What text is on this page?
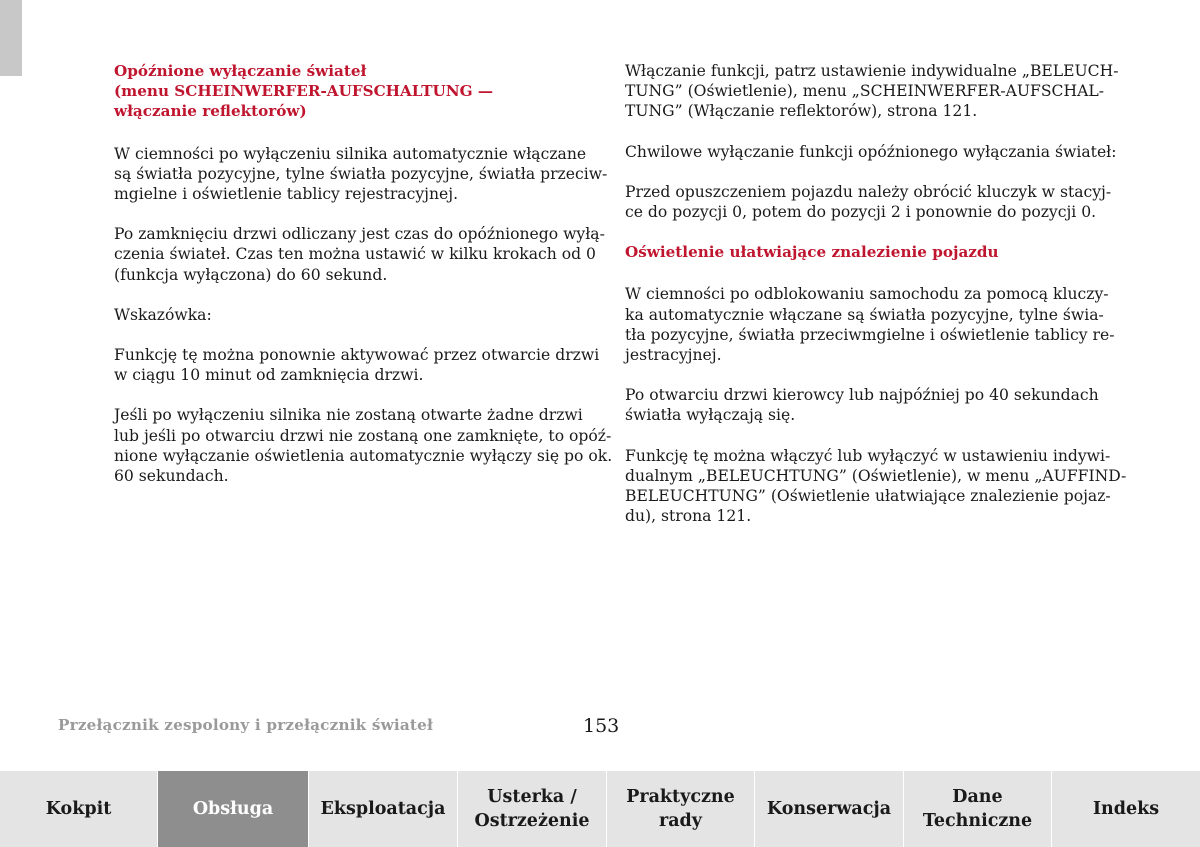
Opóźnione wyłączanie świateł
(menu SCHEINWERFER-AUFSCHALTUNG —
włączanie reflektorów)

W ciemności po wyłączeniu silnika automatycznie włączane
są światła pozycyjne, tylne światła pozycyjne, światła przeciw-
mgielne i oświetlenie tablicy rejestracyjnej.

Po zamknięciu drzwi odliczany jest czas do opóźnionego wyłą-
czenia świateł. Czas ten można ustawić w kilku krokach od 0
(funkcja wyłączona) do 60 sekund.

Wskazówka:

Funkcję tę można ponownie aktywować przez otwarcie drzwi
w ciągu 10 minut od zamknięcia drzwi.

Jeśli po wyłączeniu silnika nie zostaną otwarte żadne drzwi
lub jeśli po otwarciu drzwi nie zostaną one zamknięte, to opóź-
nione wyłączanie oświetlenia automatycznie wyłączy się po ok.
60 sekundach.

Włączanie funkcji, patrz ustawienie indywidualne „BELEUCH-
TUNG” (Oświetlenie), menu „SCHEINWERFER-AUFSCHAL-
TUNG” (Włączanie reflektorów), strona 121.

Chwilowe wyłączanie funkcji opóźnionego wyłączania świateł:

Przed opuszczeniem pojazdu należy obrócić kluczyk w stacyj-
ce do pozycji 0, potem do pozycji 2 i ponownie do pozycji 0.

Oświetlenie ułatwiające znalezienie pojazdu

W ciemności po odblokowaniu samochodu za pomocą kluczy-
ka automatycznie włączane są światła pozycyjne, tylne świa-
tła pozycyjne, światła przeciwmgielne i oświetlenie tablicy re-
jestracyjnej.

Po otwarciu drzwi kierowcy lub najpóźniej po 40 sekundach
światła wyłączają się.

Funkcję tę można włączyć lub wyłączyć w ustawieniu indywi-
dualnym „BELEUCHTUNG” (Oświetlenie), w menu „AUFFIND-
BELEUCHTUNG” (Oświetlenie ułatwiające znalezienie pojaz-
du), strona 121.

Przełącznik zespolony i przełącznik świateł	153
Kokpit	Obsługa	Eksploatacja
Usterka /
Ostrzeżenie
Praktyczne
rady
Konserwacja
Dane
Techniczne
Indeks
